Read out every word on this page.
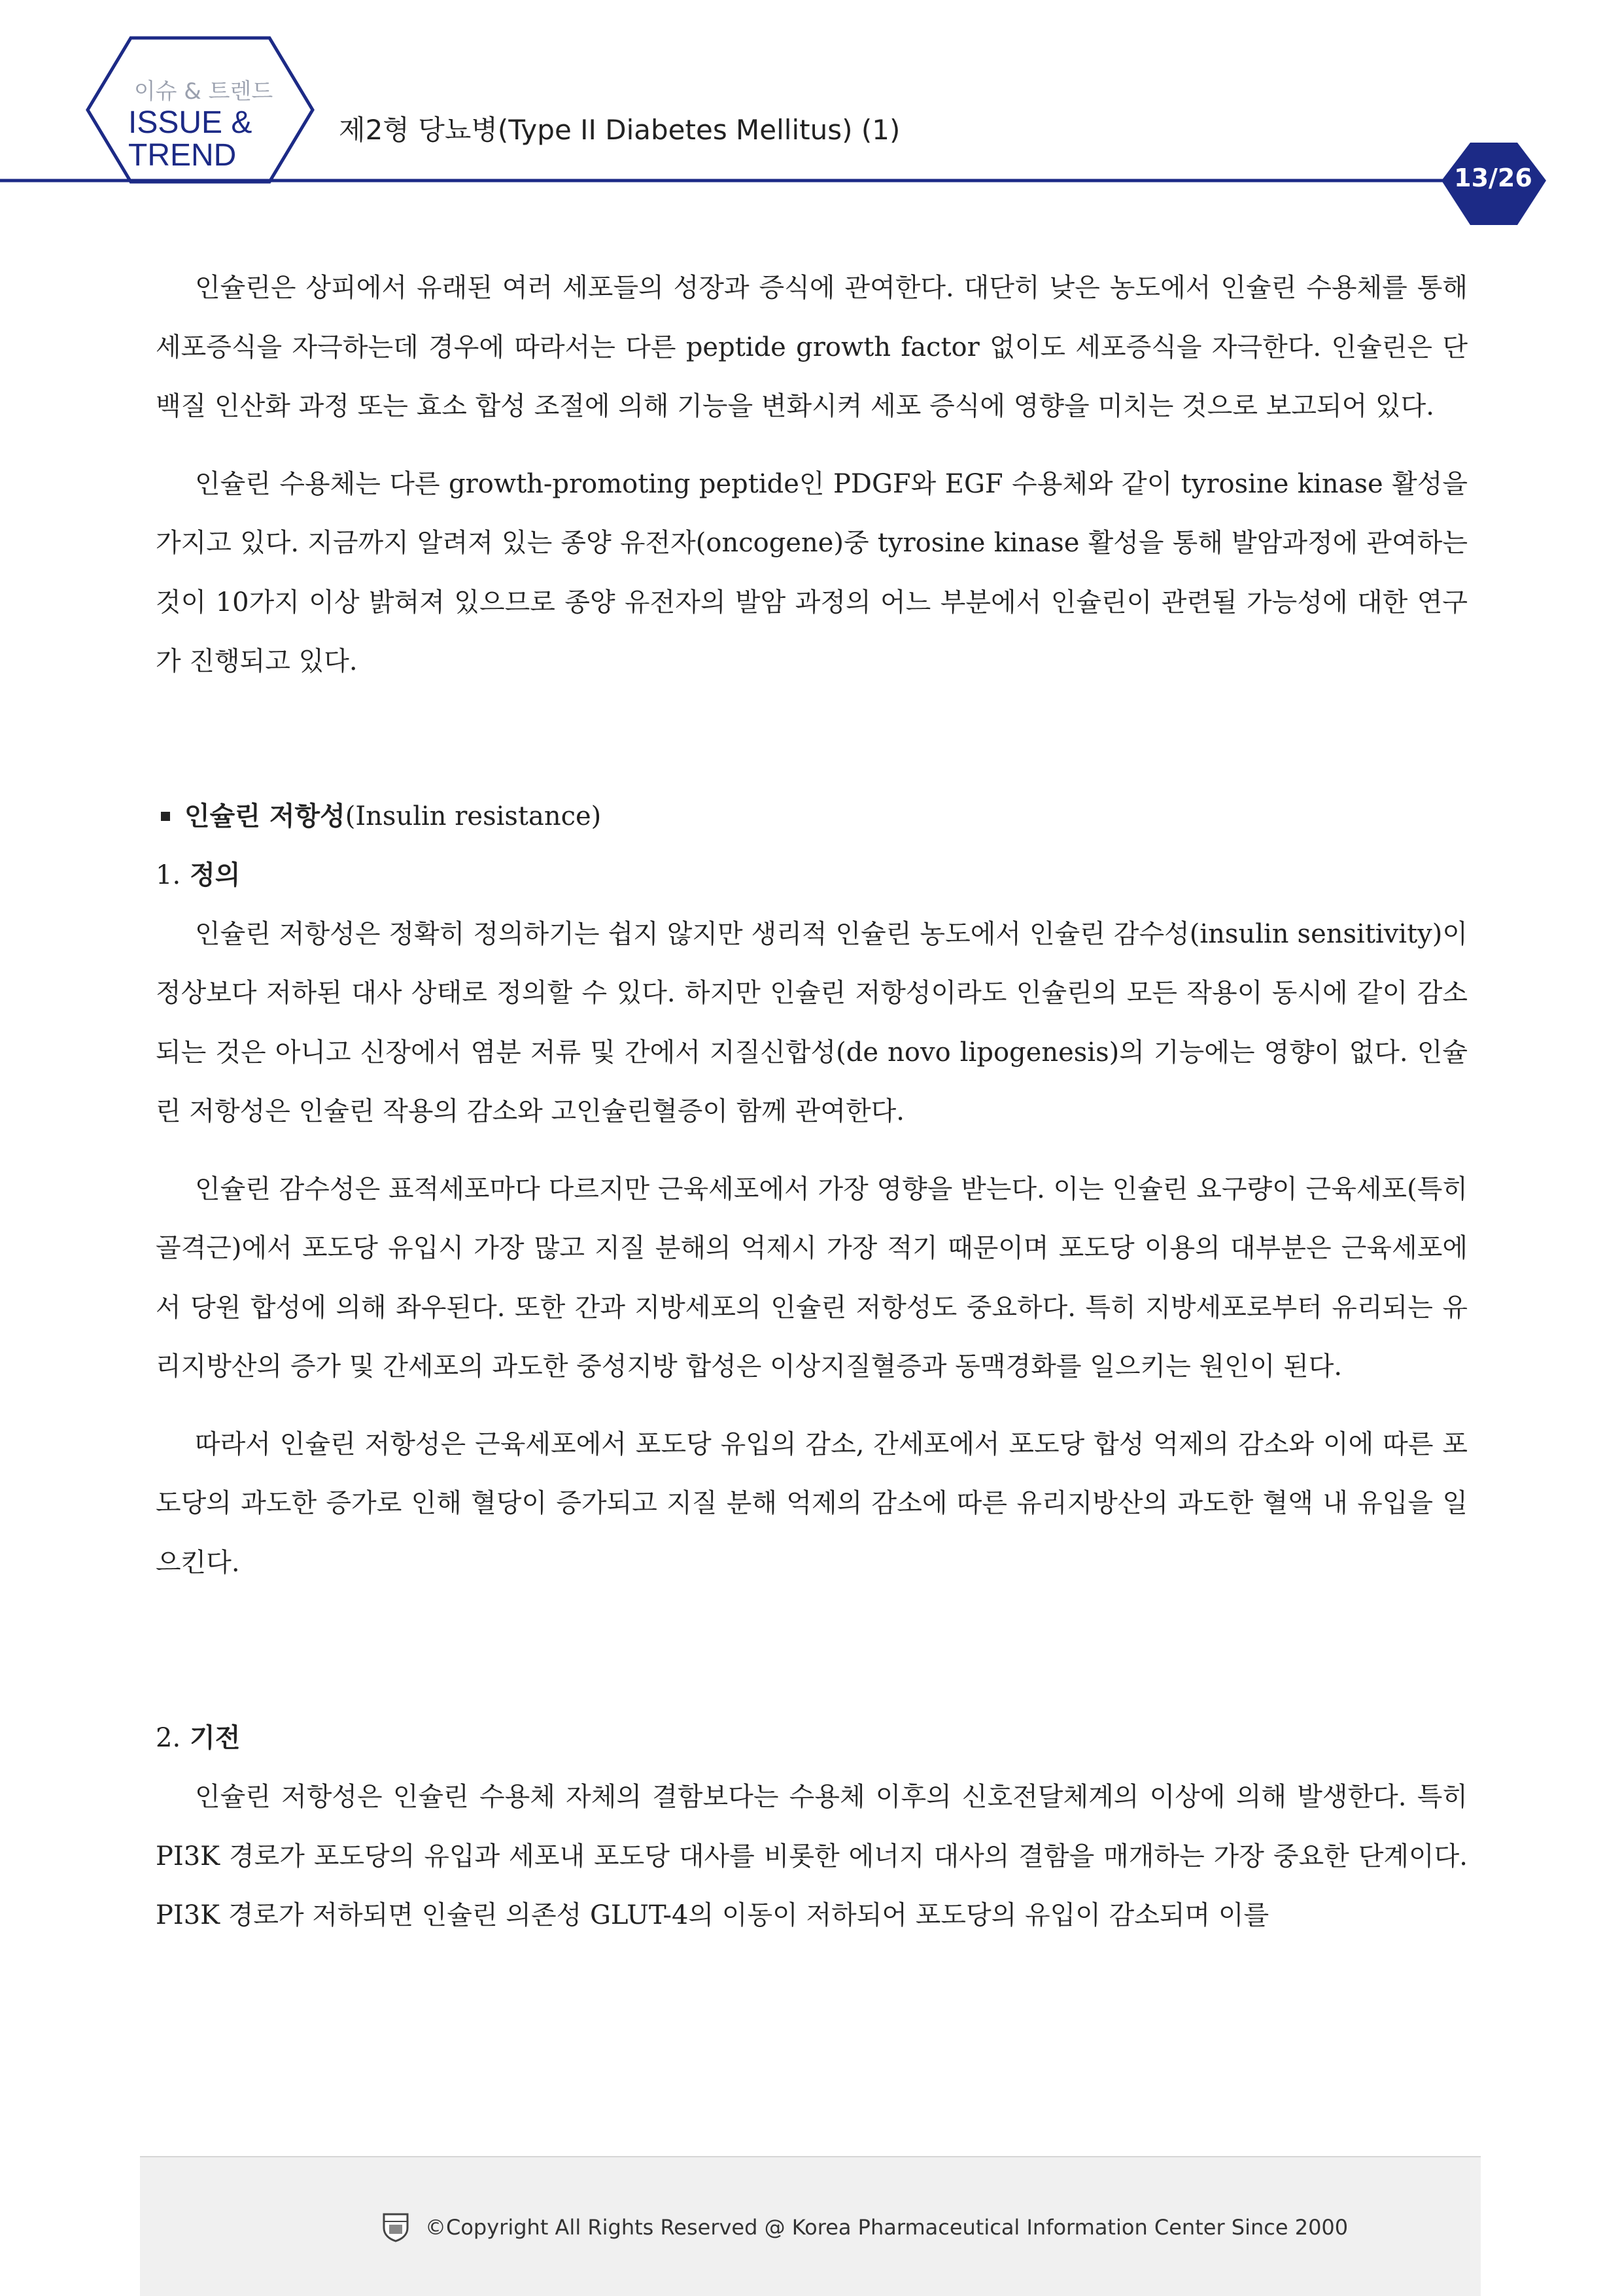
이슈 & 트렌드
ISSUE &
TREND
제2형 당뇨병(Type II Diabetes Mellitus) (1)
13/26

인슐린은 상피에서 유래된 여러 세포들의 성장과 증식에 관여한다. 대단히 낮은 농도에서 인슐린 수용체를 통해 세포증식을 자극하는데 경우에 따라서는 다른 peptide growth factor 없이도 세포증식을 자극한다. 인슐린은 단백질 인산화 과정 또는 효소 합성 조절에 의해 기능을 변화시켜 세포 증식에 영향을 미치는 것으로 보고되어 있다.

인슐린 수용체는 다른 growth-promoting peptide인 PDGF와 EGF 수용체와 같이 tyrosine kinase 활성을 가지고 있다. 지금까지 알려져 있는 종양 유전자(oncogene)중 tyrosine kinase 활성을 통해 발암과정에 관여하는 것이 10가지 이상 밝혀져 있으므로 종양 유전자의 발암 과정의 어느 부분에서 인슐린이 관련될 가능성에 대한 연구가 진행되고 있다.

인슐린 저항성(Insulin resistance)
1. 정의

인슐린 저항성은 정확히 정의하기는 쉽지 않지만 생리적 인슐린 농도에서 인슐린 감수성(insulin sensitivity)이 정상보다 저하된 대사 상태로 정의할 수 있다. 하지만 인슐린 저항성이라도 인슐린의 모든 작용이 동시에 같이 감소되는 것은 아니고 신장에서 염분 저류 및 간에서 지질신합성(de novo lipogenesis)의 기능에는 영향이 없다. 인슐린 저항성은 인슐린 작용의 감소와 고인슐린혈증이 함께 관여한다.

인슐린 감수성은 표적세포마다 다르지만 근육세포에서 가장 영향을 받는다. 이는 인슐린 요구량이 근육세포(특히 골격근)에서 포도당 유입시 가장 많고 지질 분해의 억제시 가장 적기 때문이며 포도당 이용의 대부분은 근육세포에서 당원 합성에 의해 좌우된다. 또한 간과 지방세포의 인슐린 저항성도 중요하다. 특히 지방세포로부터 유리되는 유리지방산의 증가 및 간세포의 과도한 중성지방 합성은 이상지질혈증과 동맥경화를 일으키는 원인이 된다.

따라서 인슐린 저항성은 근육세포에서 포도당 유입의 감소, 간세포에서 포도당 합성 억제의 감소와 이에 따른 포도당의 과도한 증가로 인해 혈당이 증가되고 지질 분해 억제의 감소에 따른 유리지방산의 과도한 혈액 내 유입을 일으킨다.

2. 기전

인슐린 저항성은 인슐린 수용체 자체의 결함보다는 수용체 이후의 신호전달체계의 이상에 의해 발생한다. 특히 PI3K 경로가 포도당의 유입과 세포내 포도당 대사를 비롯한 에너지 대사의 결함을 매개하는 가장 중요한 단계이다. PI3K 경로가 저하되면 인슐린 의존성 GLUT-4의 이동이 저하되어 포도당의 유입이 감소되며 이를

©Copyright All Rights Reserved @ Korea Pharmaceutical Information Center Since 2000
